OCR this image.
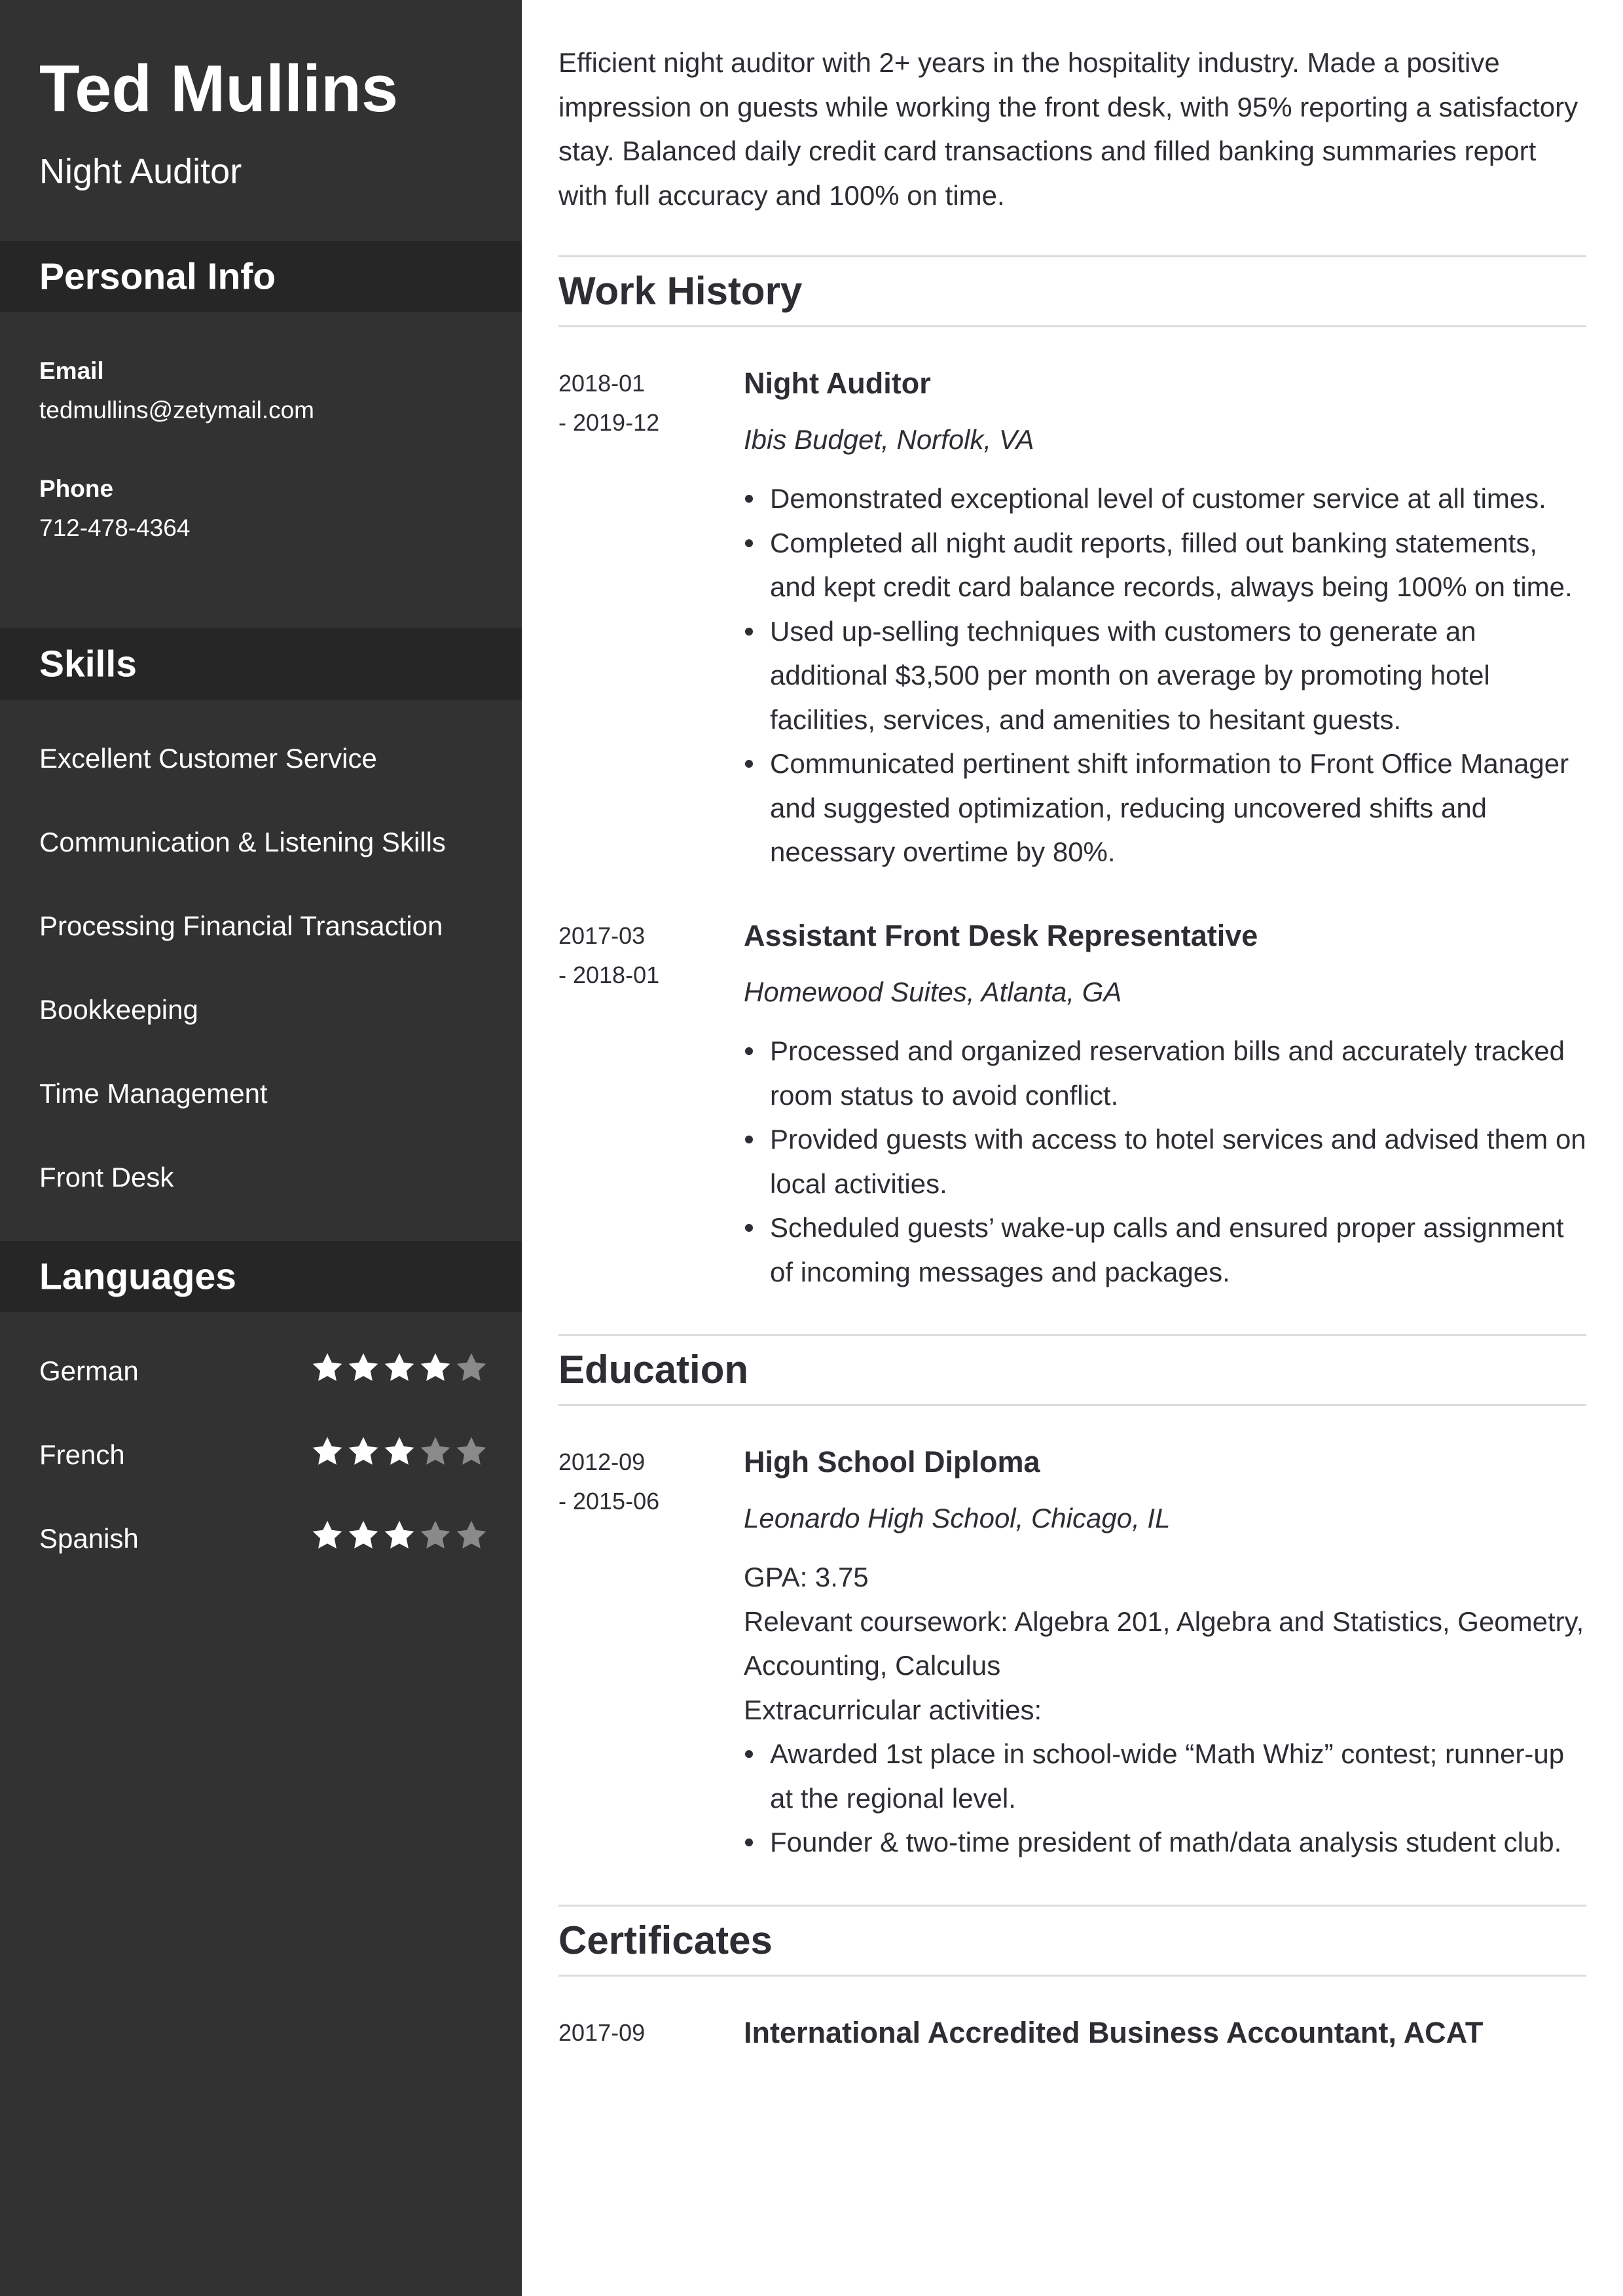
Ted Mullins

Night Auditor

Personal Info
Email
tedmullins@zetymail.com
Phone
712-478-4364
Skills
Excellent Customer Service
Communication & Listening Skills
Processing Financial Transaction
Bookkeeping
Time Management
Front Desk
Languages
German
French
Spanish

Efficient night auditor with 2+ years in the hospitality industry. Made a positive impression on guests while working the front desk, with 95% reporting a satisfactory stay. Balanced daily credit card transactions and filled banking summaries report with full accuracy and 100% on time.

Work History
2018-01
- 2019-12

Night Auditor

Ibis Budget, Norfolk, VA

Demonstrated exceptional level of customer service at all times.
Completed all night audit reports, filled out banking statements, and kept credit card balance records, always being 100% on time.
Used up-selling techniques with customers to generate an additional $3,500 per month on average by promoting hotel facilities, services, and amenities to hesitant guests.
Communicated pertinent shift information to Front Office Manager and suggested optimization, reducing uncovered shifts and necessary overtime by 80%.
2017-03
- 2018-01

Assistant Front Desk Representative

Homewood Suites, Atlanta, GA

Processed and organized reservation bills and accurately tracked room status to avoid conflict.
Provided guests with access to hotel services and advised them on local activities.
Scheduled guests’ wake-up calls and ensured proper assignment of incoming messages and packages.
Education
2012-09
- 2015-06

High School Diploma

Leonardo High School, Chicago, IL

GPA: 3.75

Relevant coursework: Algebra 201, Algebra and Statistics, Geometry, Accounting, Calculus

Extracurricular activities:

Awarded 1st place in school-wide “Math Whiz” contest; runner-up at the regional level.
Founder & two-time president of math/data analysis student club.
Certificates
2017-09	International Accredited Business Accountant, ACAT
